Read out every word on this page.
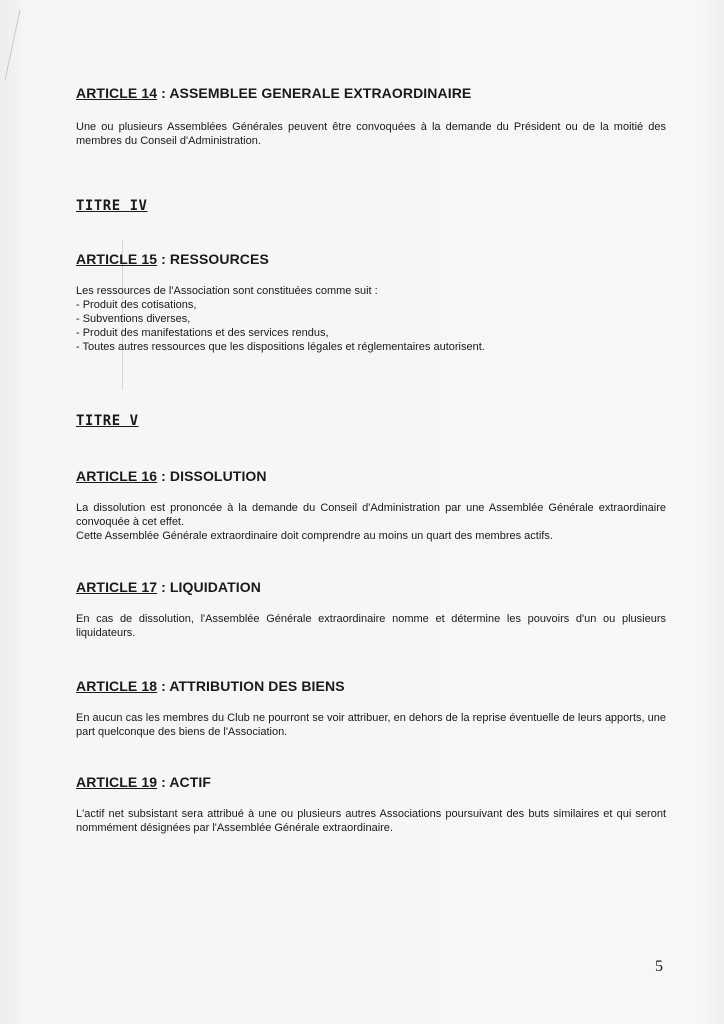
ARTICLE 14 : ASSEMBLEE GENERALE EXTRAORDINAIRE

Une ou plusieurs Assemblées Générales peuvent être convoquées à la demande du Président ou de la moitié des membres du Conseil d'Administration.

TITRE IV
ARTICLE 15 : RESSOURCES

Les ressources de l'Association sont constituées comme suit :

- Produit des cotisations,
- Subventions diverses,
- Produit des manifestations et des services rendus,
- Toutes autres ressources que les dispositions légales et réglementaires autorisent.
TITRE V
ARTICLE 16 : DISSOLUTION

La dissolution est prononcée à la demande du Conseil d'Administration par une Assemblée Générale extraordinaire convoquée à cet effet.

Cette Assemblée Générale extraordinaire doit comprendre au moins un quart des membres actifs.

ARTICLE 17 : LIQUIDATION

En cas de dissolution, l'Assemblée Générale extraordinaire nomme et détermine les pouvoirs d'un ou plusieurs liquidateurs.

ARTICLE 18 : ATTRIBUTION DES BIENS

En aucun cas les membres du Club ne pourront se voir attribuer, en dehors de la reprise éventuelle de leurs apports, une part quelconque des biens de l'Association.

ARTICLE 19 : ACTIF

L'actif net subsistant sera attribué à une ou plusieurs autres Associations poursuivant des buts similaires et qui seront nommément désignées par l'Assemblée Générale extraordinaire.

5
